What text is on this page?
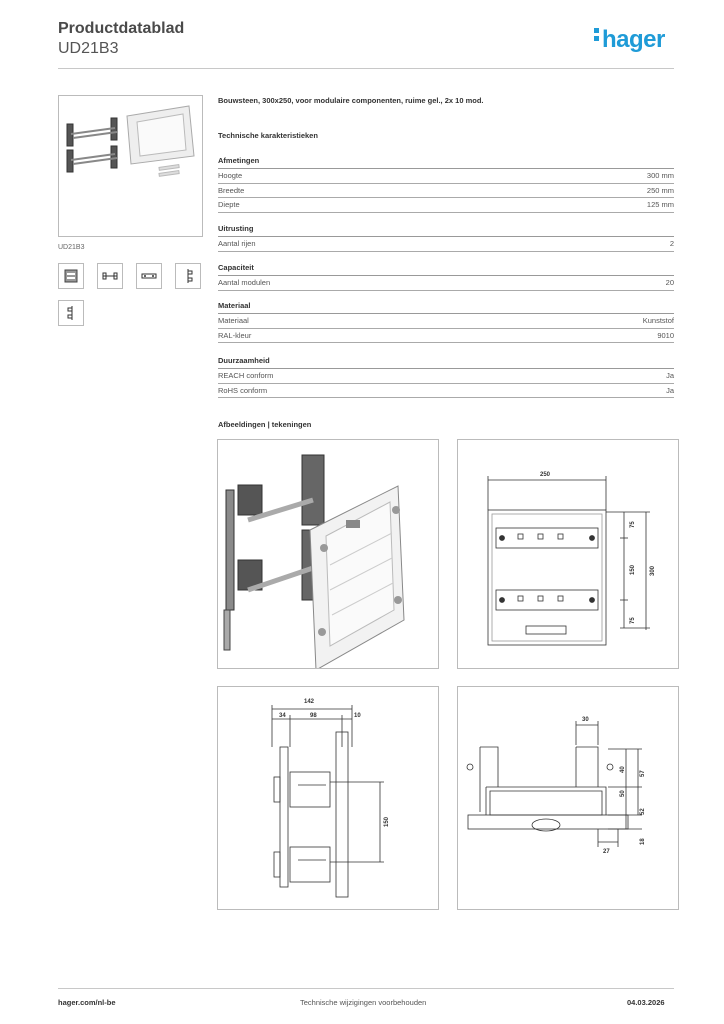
Productdatablad
UD21B3	hager
UD21B3
Bouwsteen, 300x250, voor modulaire componenten, ruime gel., 2x 10 mod.
Technische karakteristieken
Afmetingen
Hoogte	300 mm
Breedte	250 mm
Diepte	125 mm
Uitrusting
Aantal rijen	2
Capaciteit
Aantal modulen	20
Materiaal
Materiaal	Kunststof
RAL-kleur	9010
Duurzaamheid
REACH conform	Ja
RoHS conform	Ja
Afbeeldingen | tekeningen
250
75
150
75
300
142
34	98	10
150
30
40
57
50
52
18
27
hager.com/nl-be	Technische wijzigingen voorbehouden	04.03.2026
